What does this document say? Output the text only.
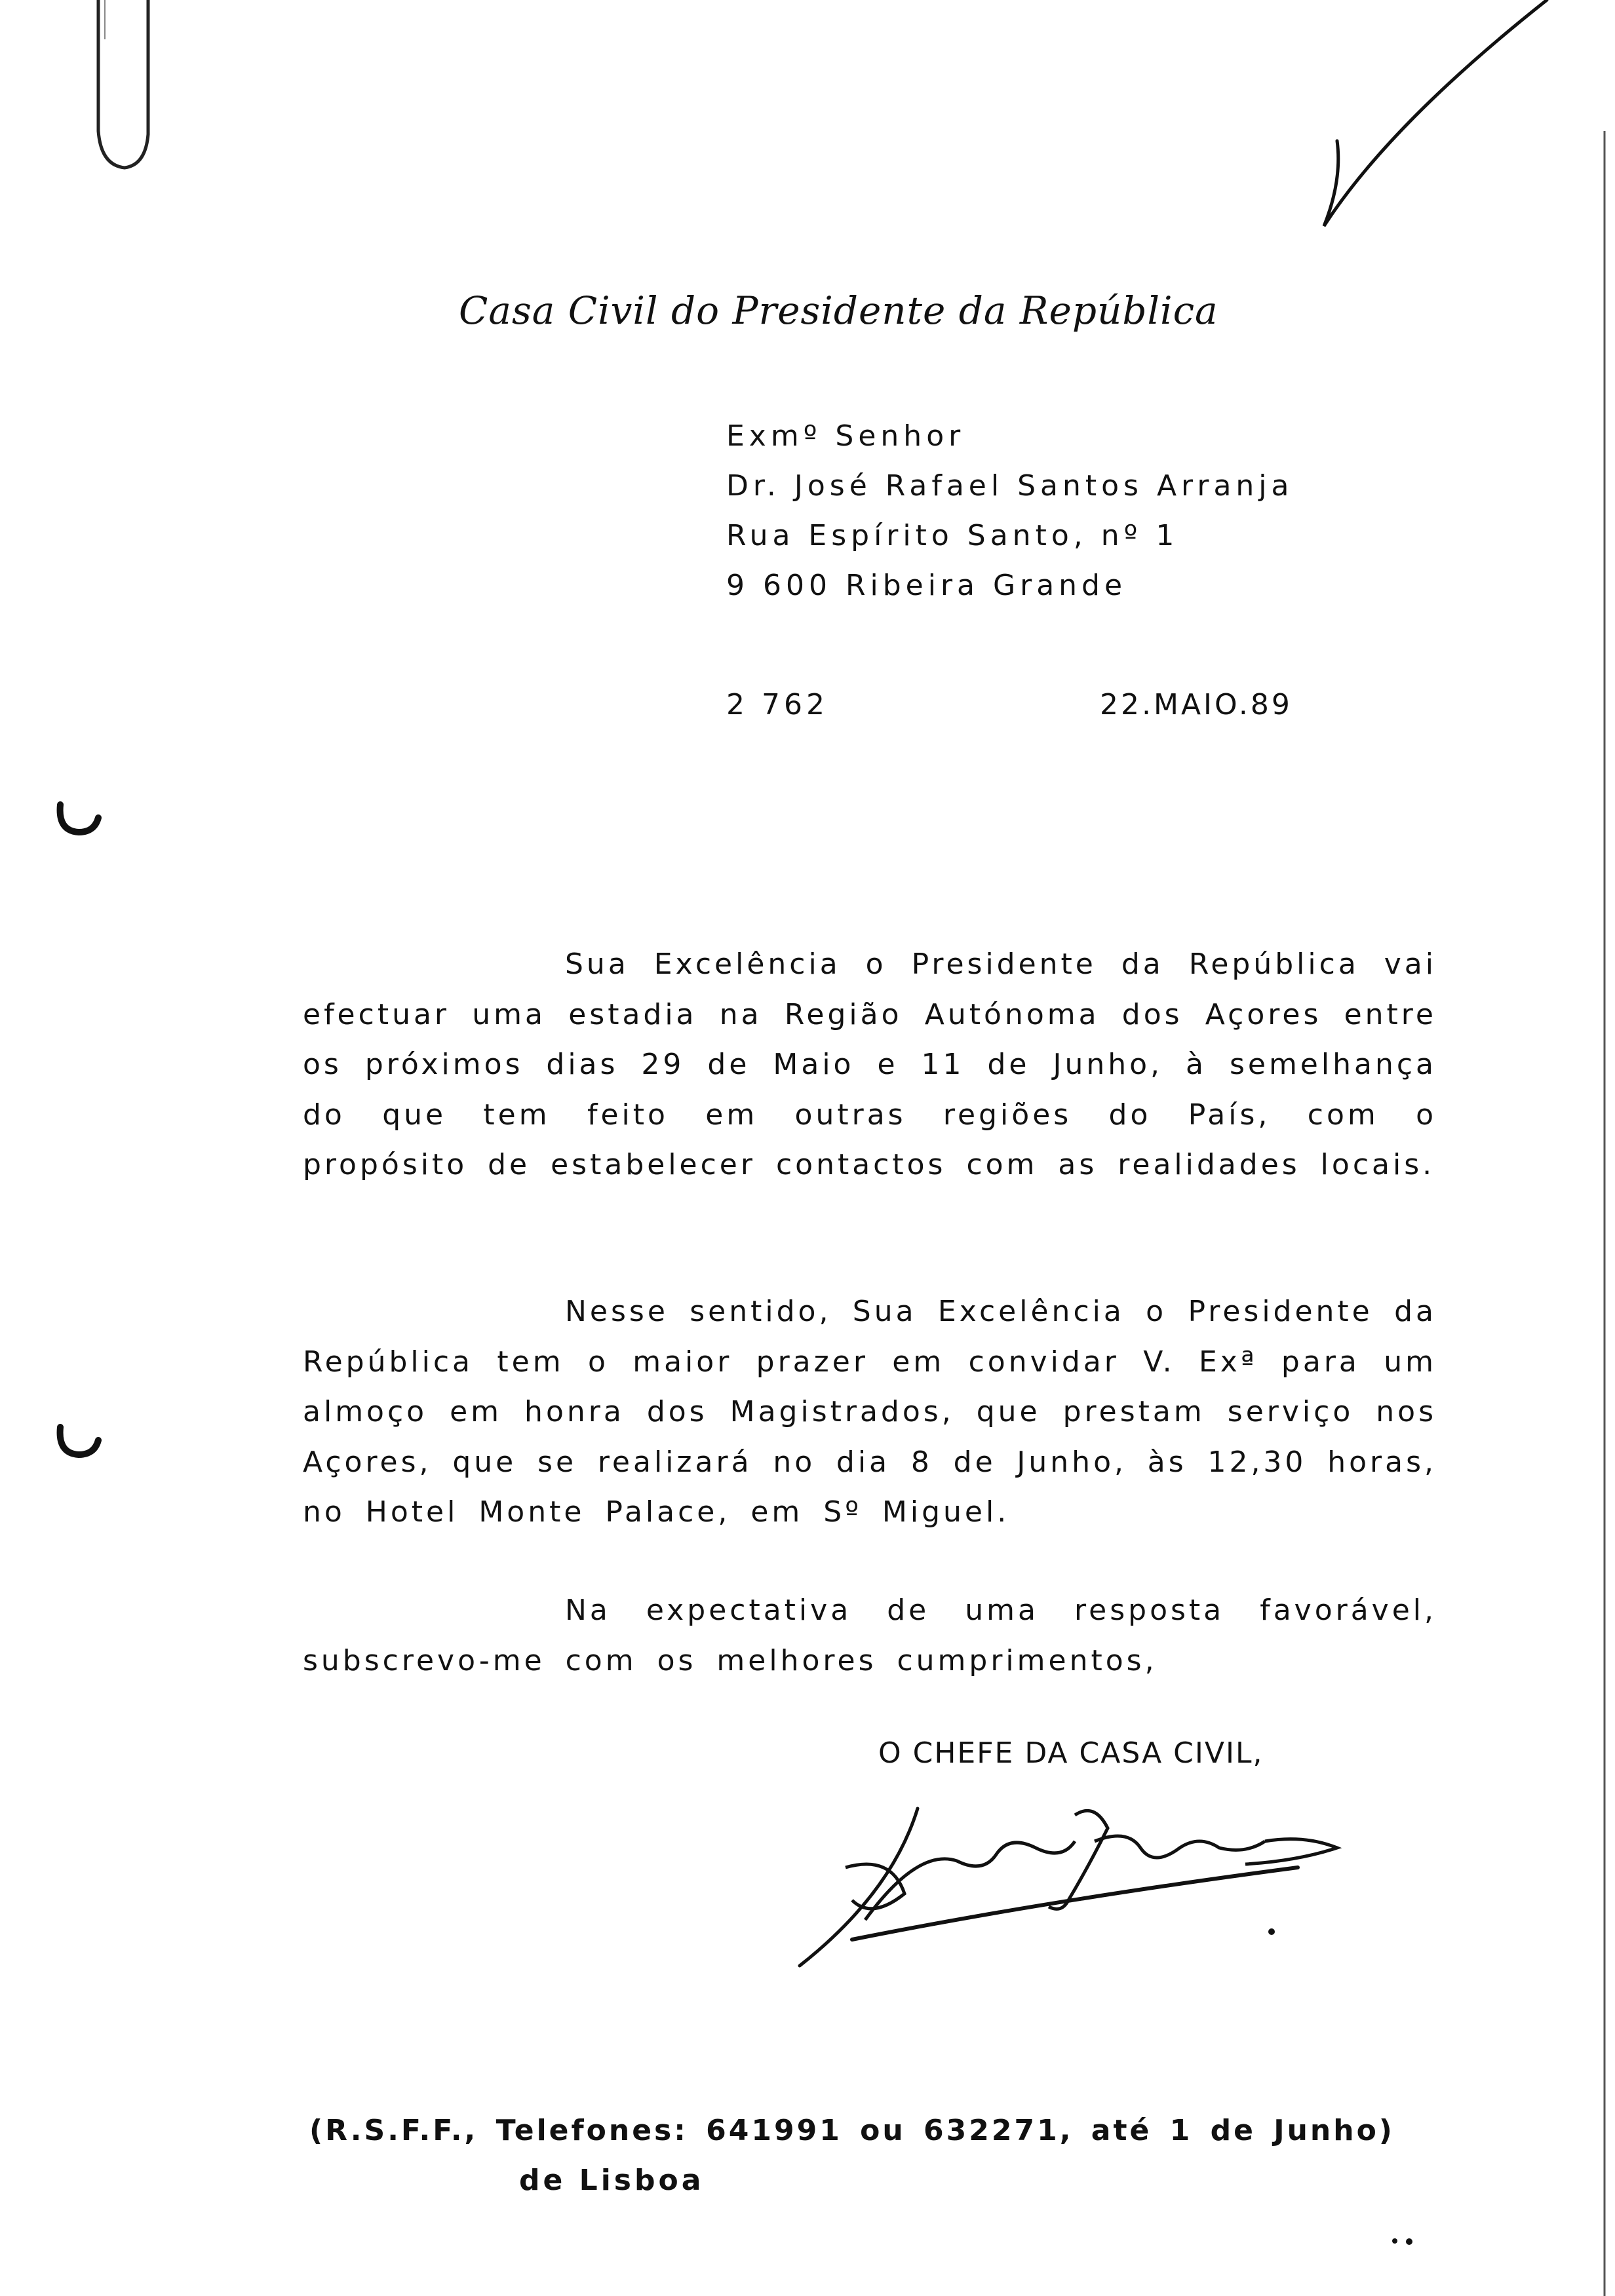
Casa Civil do Presidente da República
Exmº Senhor
Dr. José Rafael Santos Arranja
Rua Espírito Santo, nº 1
9 600 Ribeira Grande
2 762	22.MAIO.89
Sua Excelência o Presidente da República vai efectuar uma estadia na Região Autónoma dos Açores entre os próximos dias 29 de Maio e 11 de Junho, à semelhança do que tem feito em outras regiões do País, com o propósito de estabelecer contactos com as realidades locais.
Nesse sentido, Sua Excelência o Presidente da República tem o maior prazer em convidar V. Exª para um almoço em honra dos Magistrados, que prestam serviço nos Açores, que se realizará no dia 8 de Junho, às 12,30 horas, no Hotel Monte Palace, em Sº Miguel.
Na expectativa de uma resposta favorável, subscrevo-me com os melhores cumprimentos,
O CHEFE DA CASA CIVIL,
(R.S.F.F., Telefones: 641991 ou 632271, até 1 de Junho)
de Lisboa
